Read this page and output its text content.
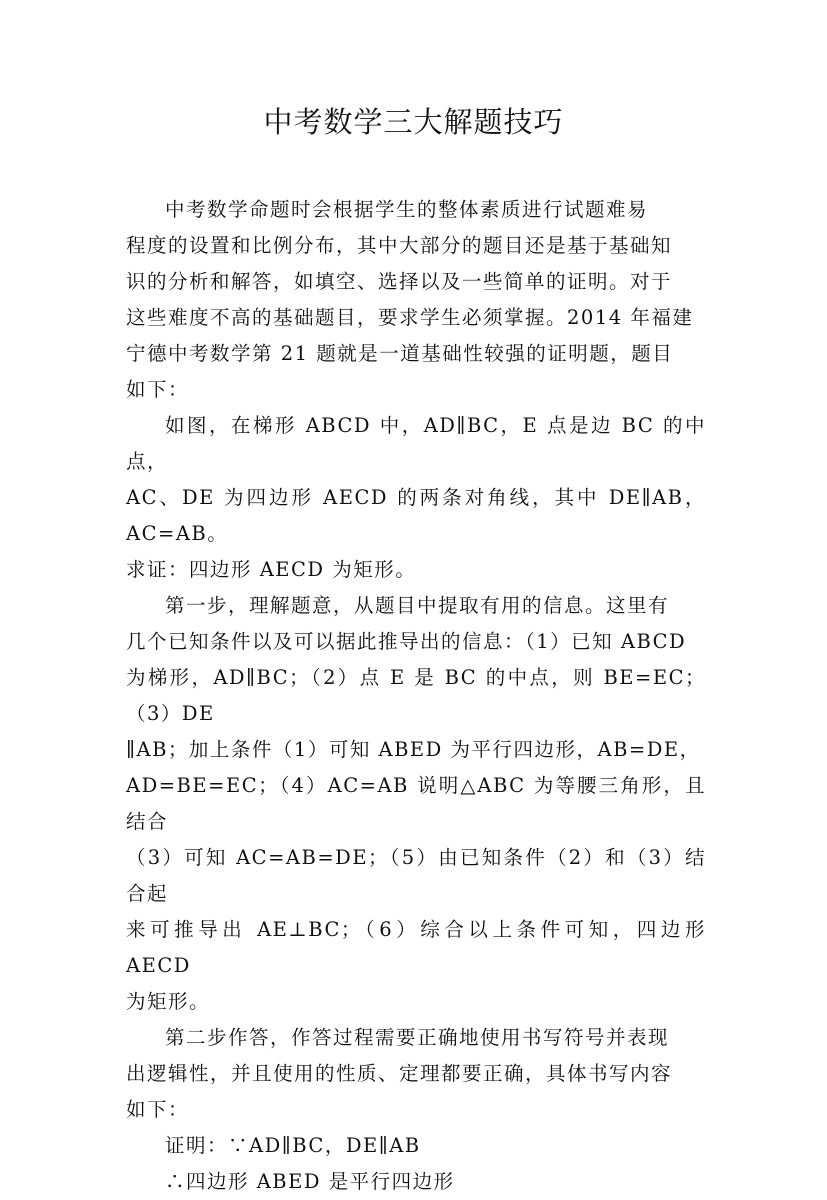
中考数学三大解题技巧

中考数学命题时会根据学生的整体素质进行试题难易
程度的设置和比例分布，其中大部分的题目还是基于基础知
识的分析和解答，如填空、选择以及一些简单的证明。对于
这些难度不高的基础题目，要求学生必须掌握。2014 年福建
宁德中考数学第 21 题就是一道基础性较强的证明题，题目
如下：

如图，在梯形 ABCD 中，AD∥BC，E 点是边 BC 的中点，
AC、DE 为四边形 AECD 的两条对角线，其中 DE∥AB，AC=AB。
求证：四边形 AECD 为矩形。

第一步，理解题意，从题目中提取有用的信息。这里有
几个已知条件以及可以据此推导出的信息：（1）已知 ABCD
为梯形，AD∥BC；（2）点 E 是 BC 的中点，则 BE=EC；（3）DE
∥AB；加上条件（1）可知 ABED 为平行四边形，AB=DE，
AD=BE=EC；（4）AC=AB 说明△ABC 为等腰三角形，且结合
（3）可知 AC=AB=DE；（5）由已知条件（2）和（3）结合起
来可推导出 AE⊥BC；（6）综合以上条件可知，四边形 AECD
为矩形。

第二步作答，作答过程需要正确地使用书写符号并表现
出逻辑性，并且使用的性质、定理都要正确，具体书写内容
如下：

证明：∵AD∥BC，DE∥AB

∴四边形 ABED 是平行四边形
